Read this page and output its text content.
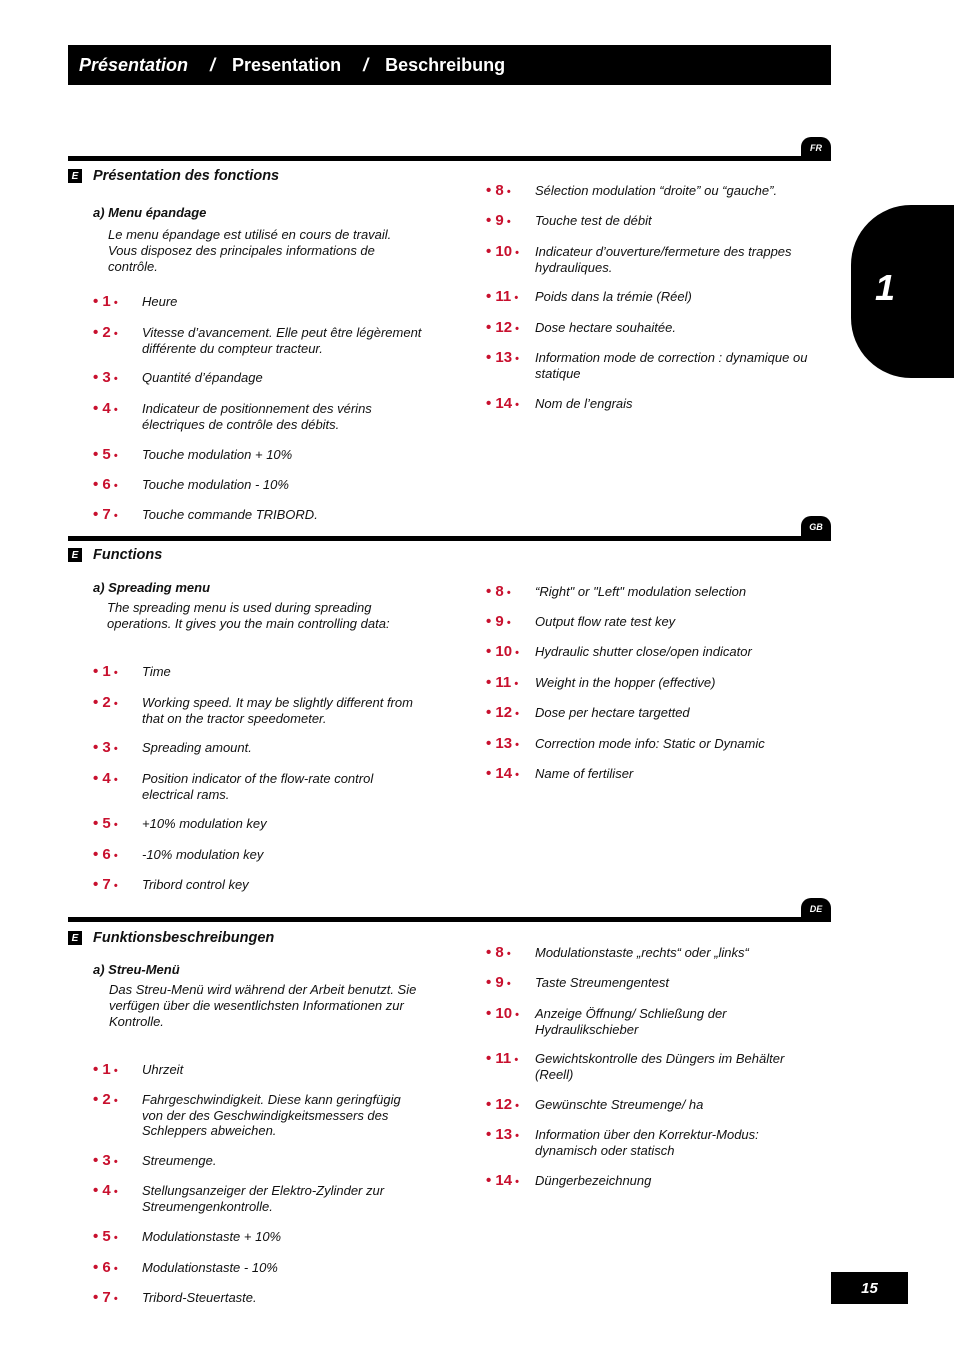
Présentation / Presentation / Beschreibung
1
FR
E Présentation des fonctions
a) Menu épandage
Le menu épandage est utilisé en cours de travail. Vous disposez des principales informations de contrôle.
GB
E Functions
a) Spreading menu
The spreading menu is used during spreading operations. It gives you the main controlling data:
DE
E Funktionsbeschreibungen
a) Streu-Menü
Das Streu-Menü wird während der Arbeit benutzt. Sie verfügen über die wesentlichsten Informationen zur Kontrolle.
15
• 1 •	Heure
• 2 •	Vitesse d’avancement. Elle peut être légèrement différente du compteur tracteur.
• 3 •	Quantité d’épandage
• 4 •	Indicateur de positionnement des vérins électriques de contrôle des débits.
• 5 •	Touche modulation + 10%
• 6 •	Touche modulation - 10%
• 7 •	Touche commande TRIBORD.
• 8 •	Sélection modulation “droite” ou “gauche”.
• 9 •	Touche test de débit
• 10 •	Indicateur d’ouverture/fermeture des trappes hydrauliques.
• 11 •	Poids dans la trémie (Réel)
• 12 •	Dose hectare souhaitée.
• 13 •	Information mode de correction : dynamique ou statique
• 14 •	Nom de l’engrais
• 1 •	Time
• 2 •	Working speed. It may be slightly different from that on the tractor speedometer.
• 3 •	Spreading amount.
• 4 •	Position indicator of the flow-rate control electrical rams.
• 5 •	+10% modulation key
• 6 •	-10% modulation key
• 7 •	Tribord control key
• 8 •	“Right" or "Left" modulation selection
• 9 •	Output flow rate test key
• 10 •	Hydraulic shutter close/open indicator
• 11 •	Weight in the hopper (effective)
• 12 •	Dose per hectare targetted
• 13 •	Correction mode info: Static or Dynamic
• 14 •	Name of fertiliser
• 1 •	Uhrzeit
• 2 •	Fahrgeschwindigkeit. Diese kann geringfügig von der des Geschwindigkeitsmessers des Schleppers abweichen.
• 3 •	Streumenge.
• 4 •	Stellungsanzeiger der Elektro-Zylinder zur Streumengenkontrolle.
• 5 •	Modulationstaste + 10%
• 6 •	Modulationstaste - 10%
• 7 •	Tribord-Steuertaste.
• 8 •	Modulationstaste „rechts“ oder „links“
• 9 •	Taste Streumengentest
• 10 •	Anzeige Öffnung/ Schließung der Hydraulikschieber
• 11 •	Gewichtskontrolle des Düngers im Behälter (Reell)
• 12 •	Gewünschte Streumenge/ ha
• 13 •	Information über den Korrektur-Modus: dynamisch oder statisch
• 14 •	Düngerbezeichnung
